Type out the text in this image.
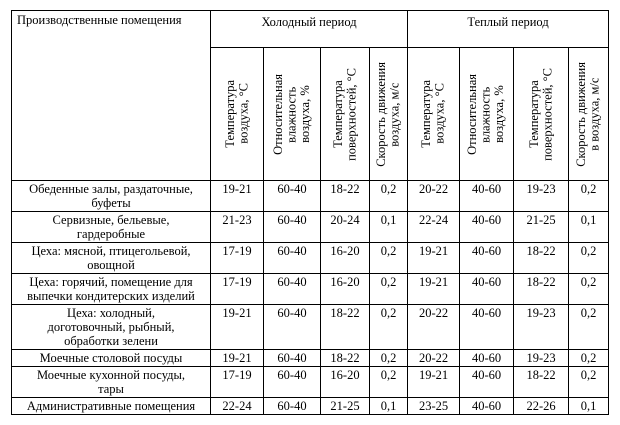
Производственные помещения	Холодный период				Теплый период			

	Температура воздуха, °С	Относительная влажность воздуха, %	Температура поверхностей, °С	Скорость движения воздуха, м/с	Температура воздуха, °С	Относительная влажность воздуха, %	Температура поверхностей, °С	Скорость движения в воздуха, м/с

Обеденные залы, раздаточные,
буфеты	19-21	60-40	18-22	0,2	20-22	40-60	19-23	0,2

Сервизные, бельевые,
гардеробные	21-23	60-40	20-24	0,1	22-24	40-60	21-25	0,1

Цеха: мясной, птицегольевой,
овощной	17-19	60-40	16-20	0,2	19-21	40-60	18-22	0,2

Цеха: горячий, помещение для
выпечки кондитерских изделий	17-19	60-40	16-20	0,2	19-21	40-60	18-22	0,2

Цеха: холодный,
доготовочный, рыбный,
обработки зелени	19-21	60-40	18-22	0,2	20-22	40-60	19-23	0,2

Моечные столовой посуды	19-21	60-40	18-22	0,2	20-22	40-60	19-23	0,2

Моечные кухонной посуды,
тары	17-19	60-40	16-20	0,2	19-21	40-60	18-22	0,2

Административные помещения	22-24	60-40	21-25	0,1	23-25	40-60	22-26	0,1
